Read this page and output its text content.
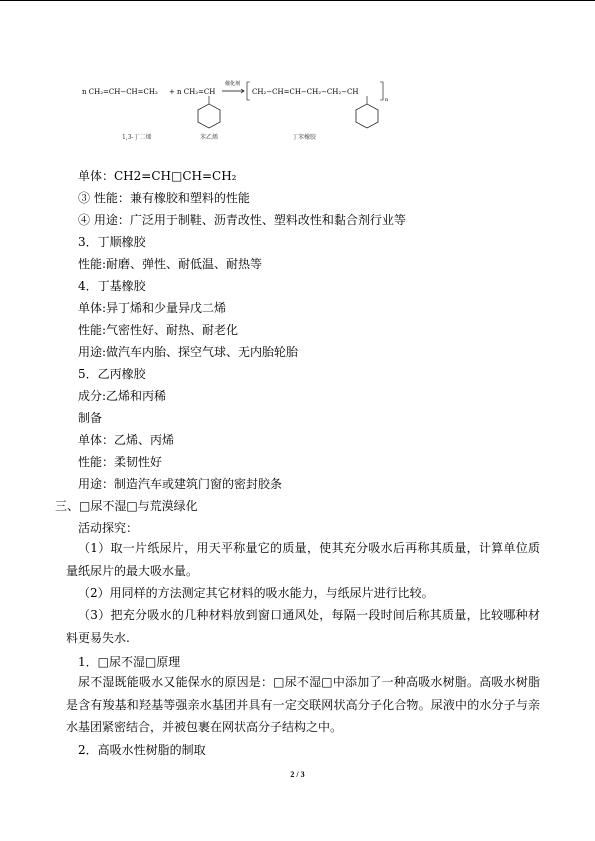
n CH₂=CH−CH=CH₂ + n CH₂=CH
催化剂
CH₂−CH=CH−CH₂−CH₂−CH
n
1,3-丁二烯	苯乙烯	丁苯橡胶
单体：CH2=CH□CH=CH₂
③ 性能：兼有橡胶和塑料的性能
④ 用途：广泛用于制鞋、沥青改性、塑料改性和黏合剂行业等
3．丁顺橡胶
性能:耐磨、弹性、耐低温、耐热等
4．丁基橡胶
单体:异丁烯和少量异戊二烯
性能:气密性好、耐热、耐老化
用途:做汽车内胎、探空气球、无内胎轮胎
5．乙丙橡胶
成分:乙烯和丙稀
制备
单体：乙烯、丙烯
性能：柔韧性好
用途：制造汽车或建筑门窗的密封胶条
三、□尿不湿□与荒漠绿化
活动探究：
（1）取一片纸尿片，用天平称量它的质量，使其充分吸水后再称其质量，计算单位质量纸尿片的最大吸水量。
（2）用同样的方法测定其它材料的吸水能力，与纸尿片进行比较。
（3）把充分吸水的几种材料放到窗口通风处，每隔一段时间后称其质量，比较哪种材料更易失水.
1．□尿不湿□原理
尿不湿既能吸水又能保水的原因是：□尿不湿□中添加了一种高吸水树脂。高吸水树脂是含有羧基和羟基等强亲水基团并具有一定交联网状高分子化合物。尿液中的水分子与亲水基团紧密结合，并被包裹在网状高分子结构之中。
2．高吸水性树脂的制取
2 / 3
